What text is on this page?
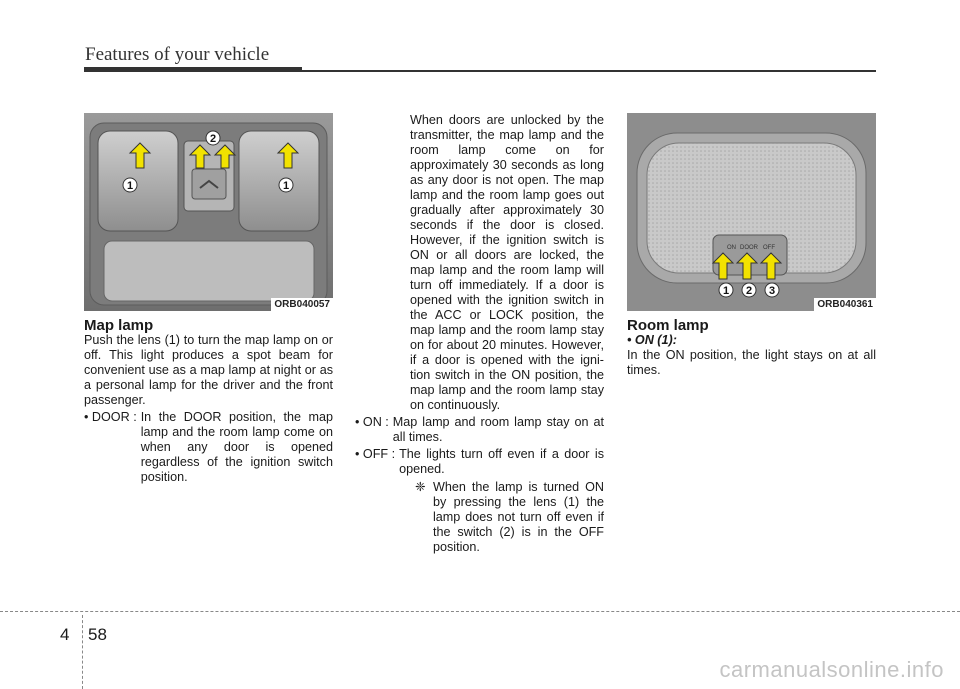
Features of your vehicle
1
2
1
ORB040057
ON DOOR OFF
1 2 3
ORB040361

Map lamp

Push the lens (1) to turn the map lamp on or off. This light produces a spot beam for convenient use as a map lamp at night or as a personal lamp for the driver and the front passenger.

• DOOR : In the DOOR position, the map lamp and the room lamp come on when any door is opened regardless of the ignition switch position.

When doors are unlocked by the transmitter, the map lamp and the room lamp come on for approximately 30 seconds as long as any door is not open. The map lamp and the room lamp goes out gradually after approximately 30 seconds if the door is closed. However, if the ignition switch is ON or all doors are locked, the map lamp and the room lamp will turn off immediately. If a door is opened with the ignition switch in the ACC or LOCK position, the map lamp and the room lamp stay on for about 20 minutes. However, if a door is opened with the igni-tion switch in the ON position, the map lamp and the room lamp stay on continuously.

• ON : Map lamp and room lamp stay on at all times.
• OFF : The lights turn off even if a door is opened.
❈ When the lamp is turned ON by pressing the lens (1) the lamp does not turn off even if the switch (2) is in the OFF position.

Room lamp

• ON (1):

In the ON position, the light stays on at all times.

4 58
carmanualsonline.info
